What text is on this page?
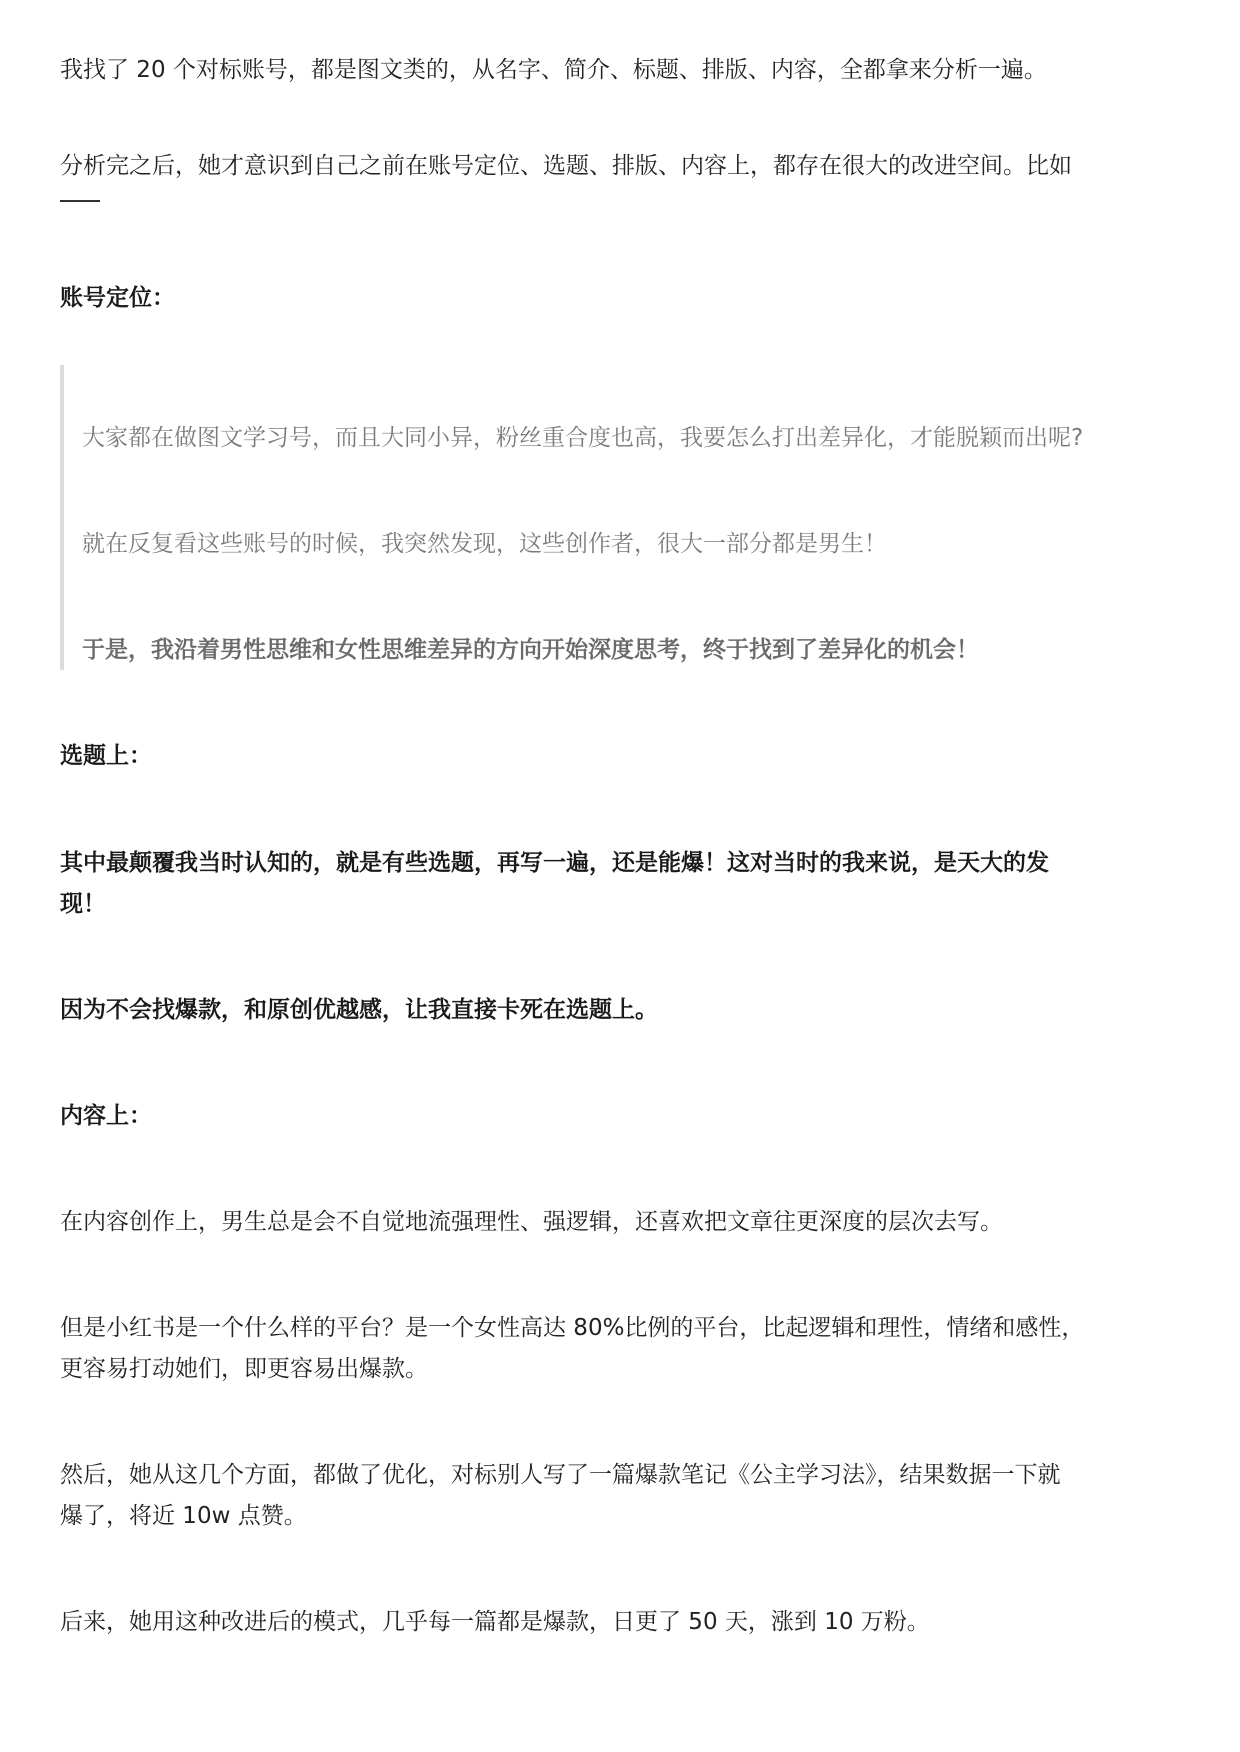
我找了 20 个对标账号，都是图文类的，从名字、简介、标题、排版、内容，全都拿来分析一遍。

分析完之后，她才意识到自己之前在账号定位、选题、排版、内容上，都存在很大的改进空间。比如

账号定位：

大家都在做图文学习号，而且大同小异，粉丝重合度也高，我要怎么打出差异化，才能脱颖而出呢?

就在反复看这些账号的时候，我突然发现，这些创作者，很大一部分都是男生！

于是，我沿着男性思维和女性思维差异的方向开始深度思考，终于找到了差异化的机会！

选题上：

其中最颠覆我当时认知的，就是有些选题，再写一遍，还是能爆！这对当时的我来说，是天大的发

现！

因为不会找爆款，和原创优越感，让我直接卡死在选题上。

内容上：

在内容创作上，男生总是会不自觉地流强理性、强逻辑，还喜欢把文章往更深度的层次去写。

但是小红书是一个什么样的平台？是一个女性高达 80%比例的平台，比起逻辑和理性，情绪和感性，

更容易打动她们，即更容易出爆款。

然后，她从这几个方面，都做了优化，对标别人写了一篇爆款笔记《公主学习法》，结果数据一下就

爆了，将近 10w 点赞。

后来，她用这种改进后的模式，几乎每一篇都是爆款，日更了 50 天，涨到 10 万粉。
